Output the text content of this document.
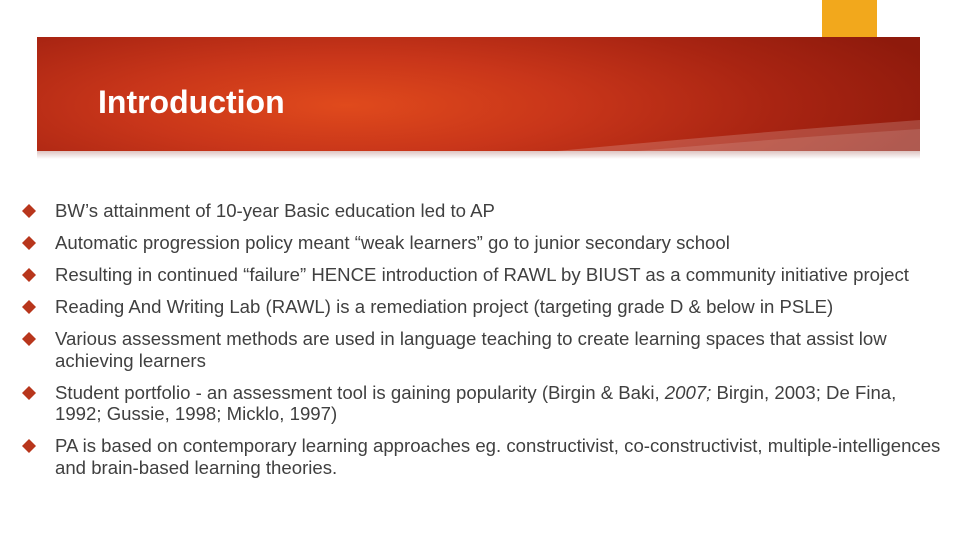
Introduction
BW’s attainment of 10-year Basic education led to AP
Automatic progression policy meant “weak learners” go to junior secondary school
Resulting in continued “failure” HENCE introduction of RAWL by BIUST as a community initiative project
Reading And Writing Lab (RAWL) is a remediation project (targeting grade D & below in PSLE)
Various assessment methods are used in language teaching to create learning spaces that assist low achieving learners
Student portfolio - an assessment tool is gaining popularity (Birgin & Baki, 2007; Birgin, 2003; De Fina, 1992; Gussie, 1998; Micklo, 1997)
PA is based on contemporary learning approaches eg. constructivist, co-constructivist, multiple-intelligences and brain-based learning theories.
